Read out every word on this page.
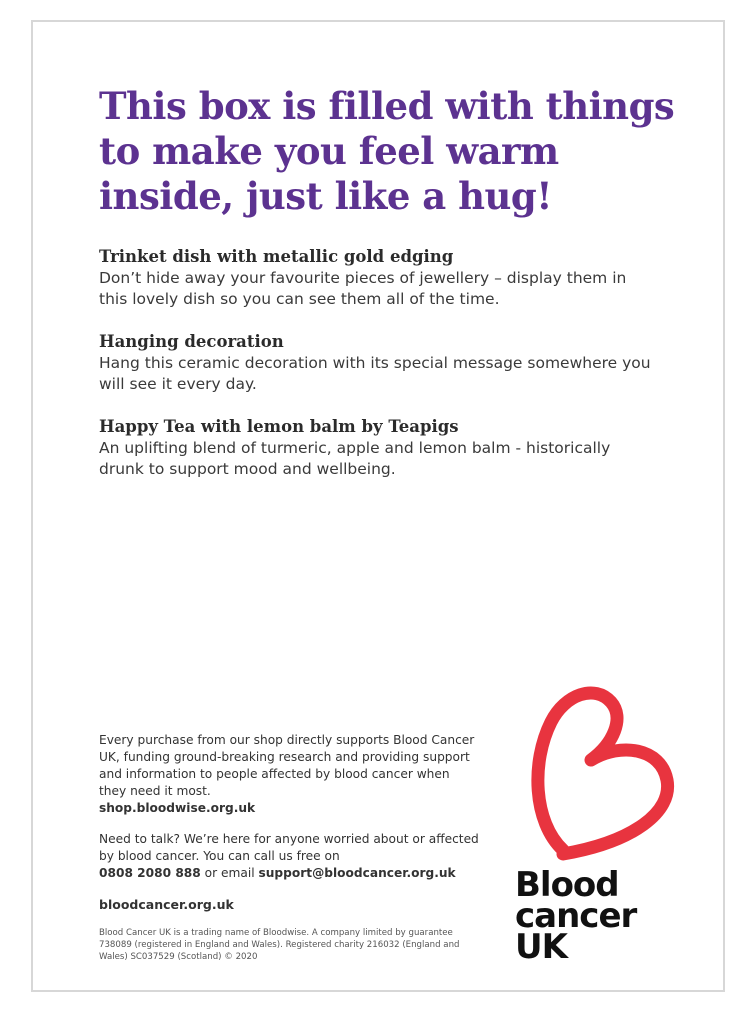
This box is filled with things to make you feel warm inside, just like a hug!
Trinket dish with metallic gold edging
Don’t hide away your favourite pieces of jewellery – display them in this lovely dish so you can see them all of the time.
Hanging decoration
Hang this ceramic decoration with its special message somewhere you will see it every day.
Happy Tea with lemon balm by Teapigs
An uplifting blend of turmeric, apple and lemon balm - historically drunk to support mood and wellbeing.
Every purchase from our shop directly supports Blood Cancer UK, funding ground-breaking research and providing support and information to people affected by blood cancer when they need it most.
shop.bloodwise.org.uk
Need to talk? We’re here for anyone worried about or affected by blood cancer. You can call us free on
0808 2080 888 or email support@bloodcancer.org.uk
bloodcancer.org.uk
Blood Cancer UK is a trading name of Bloodwise. A company limited by guarantee 738089 (registered in England and Wales). Registered charity 216032 (England and Wales) SC037529 (Scotland) © 2020
Blood
cancer
UK
